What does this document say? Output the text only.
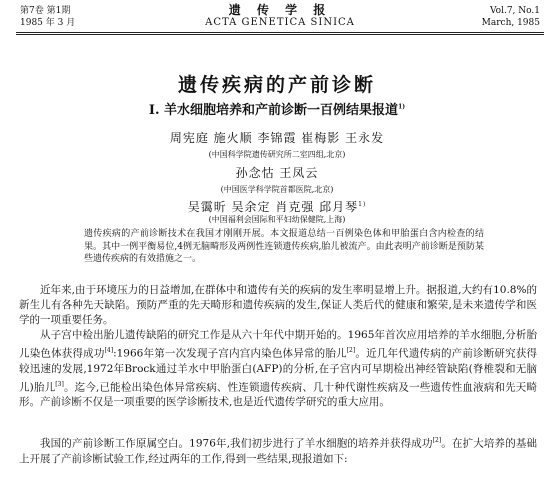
第7卷 第1期
1985 年 3 月
遗 传 学 报
ACTA GENETICA SINICA
Vol.7, No.1
March, 1985
遗传疾病的产前诊断
I. 羊水细胞培养和产前诊断一百例结果报道$^{1)}$
周宪庭 施火顺 李锦霞 崔梅影 王永发
(中国科学院遗传研究所二室四组,北京)
孙念怙 王凤云
(中国医学科学院首都医院,北京)
吴霭昕 吴余定 肖克强 邱月琴$^{1)}$
(中国福利会国际和平妇幼保健院,上海)
遗传疾病的产前诊断技术在我国才刚刚开展。本文报道总结一百例染色体和甲胎蛋白含内检查的结果。其中一例平衡易位,4例无脑畸形及两例性连锁遗传疾病,胎儿被流产。由此表明产前诊断是预防某些遗传疾病的有效措施之一。

近年来,由于环境压力的日益增加,在群体中和遗传有关的疾病的发生率明显增上升。据报道,大约有10.8%的新生儿有各种先天缺陷。预防严重的先天畸形和遗传疾病的发生,保证人类后代的健康和繁荣,是未来遗传学和医学的一项重要任务。

从子宫中检出胎儿遗传缺陷的研究工作是从六十年代中期开始的。1965年首次应用培养的羊水细胞,分析胎儿染色体获得成功[4]:1966年第一次发现子宫内宫内染色体异常的胎儿[2]。近几年代遗传病的产前诊断研究获得较迅速的发展,1972年Brock通过羊水中甲胎蛋白(AFP)的分析,在子宫内可早期检出神经管缺陷(脊椎裂和无脑儿)胎儿[3]。迄今,已能检出染色体异常疾病、性连锁遗传疾病、几十种代谢性疾病及一些遗传性血液病和先天畸形。产前诊断不仅是一项重要的医学诊断技术,也是近代遗传学研究的重大应用。

我国的产前诊断工作原属空白。1976年,我们初步进行了羊水细胞的培养并获得成功[2]。在扩大培养的基础上开展了产前诊断试验工作,经过两年的工作,得到一些结果,现报道如下:
